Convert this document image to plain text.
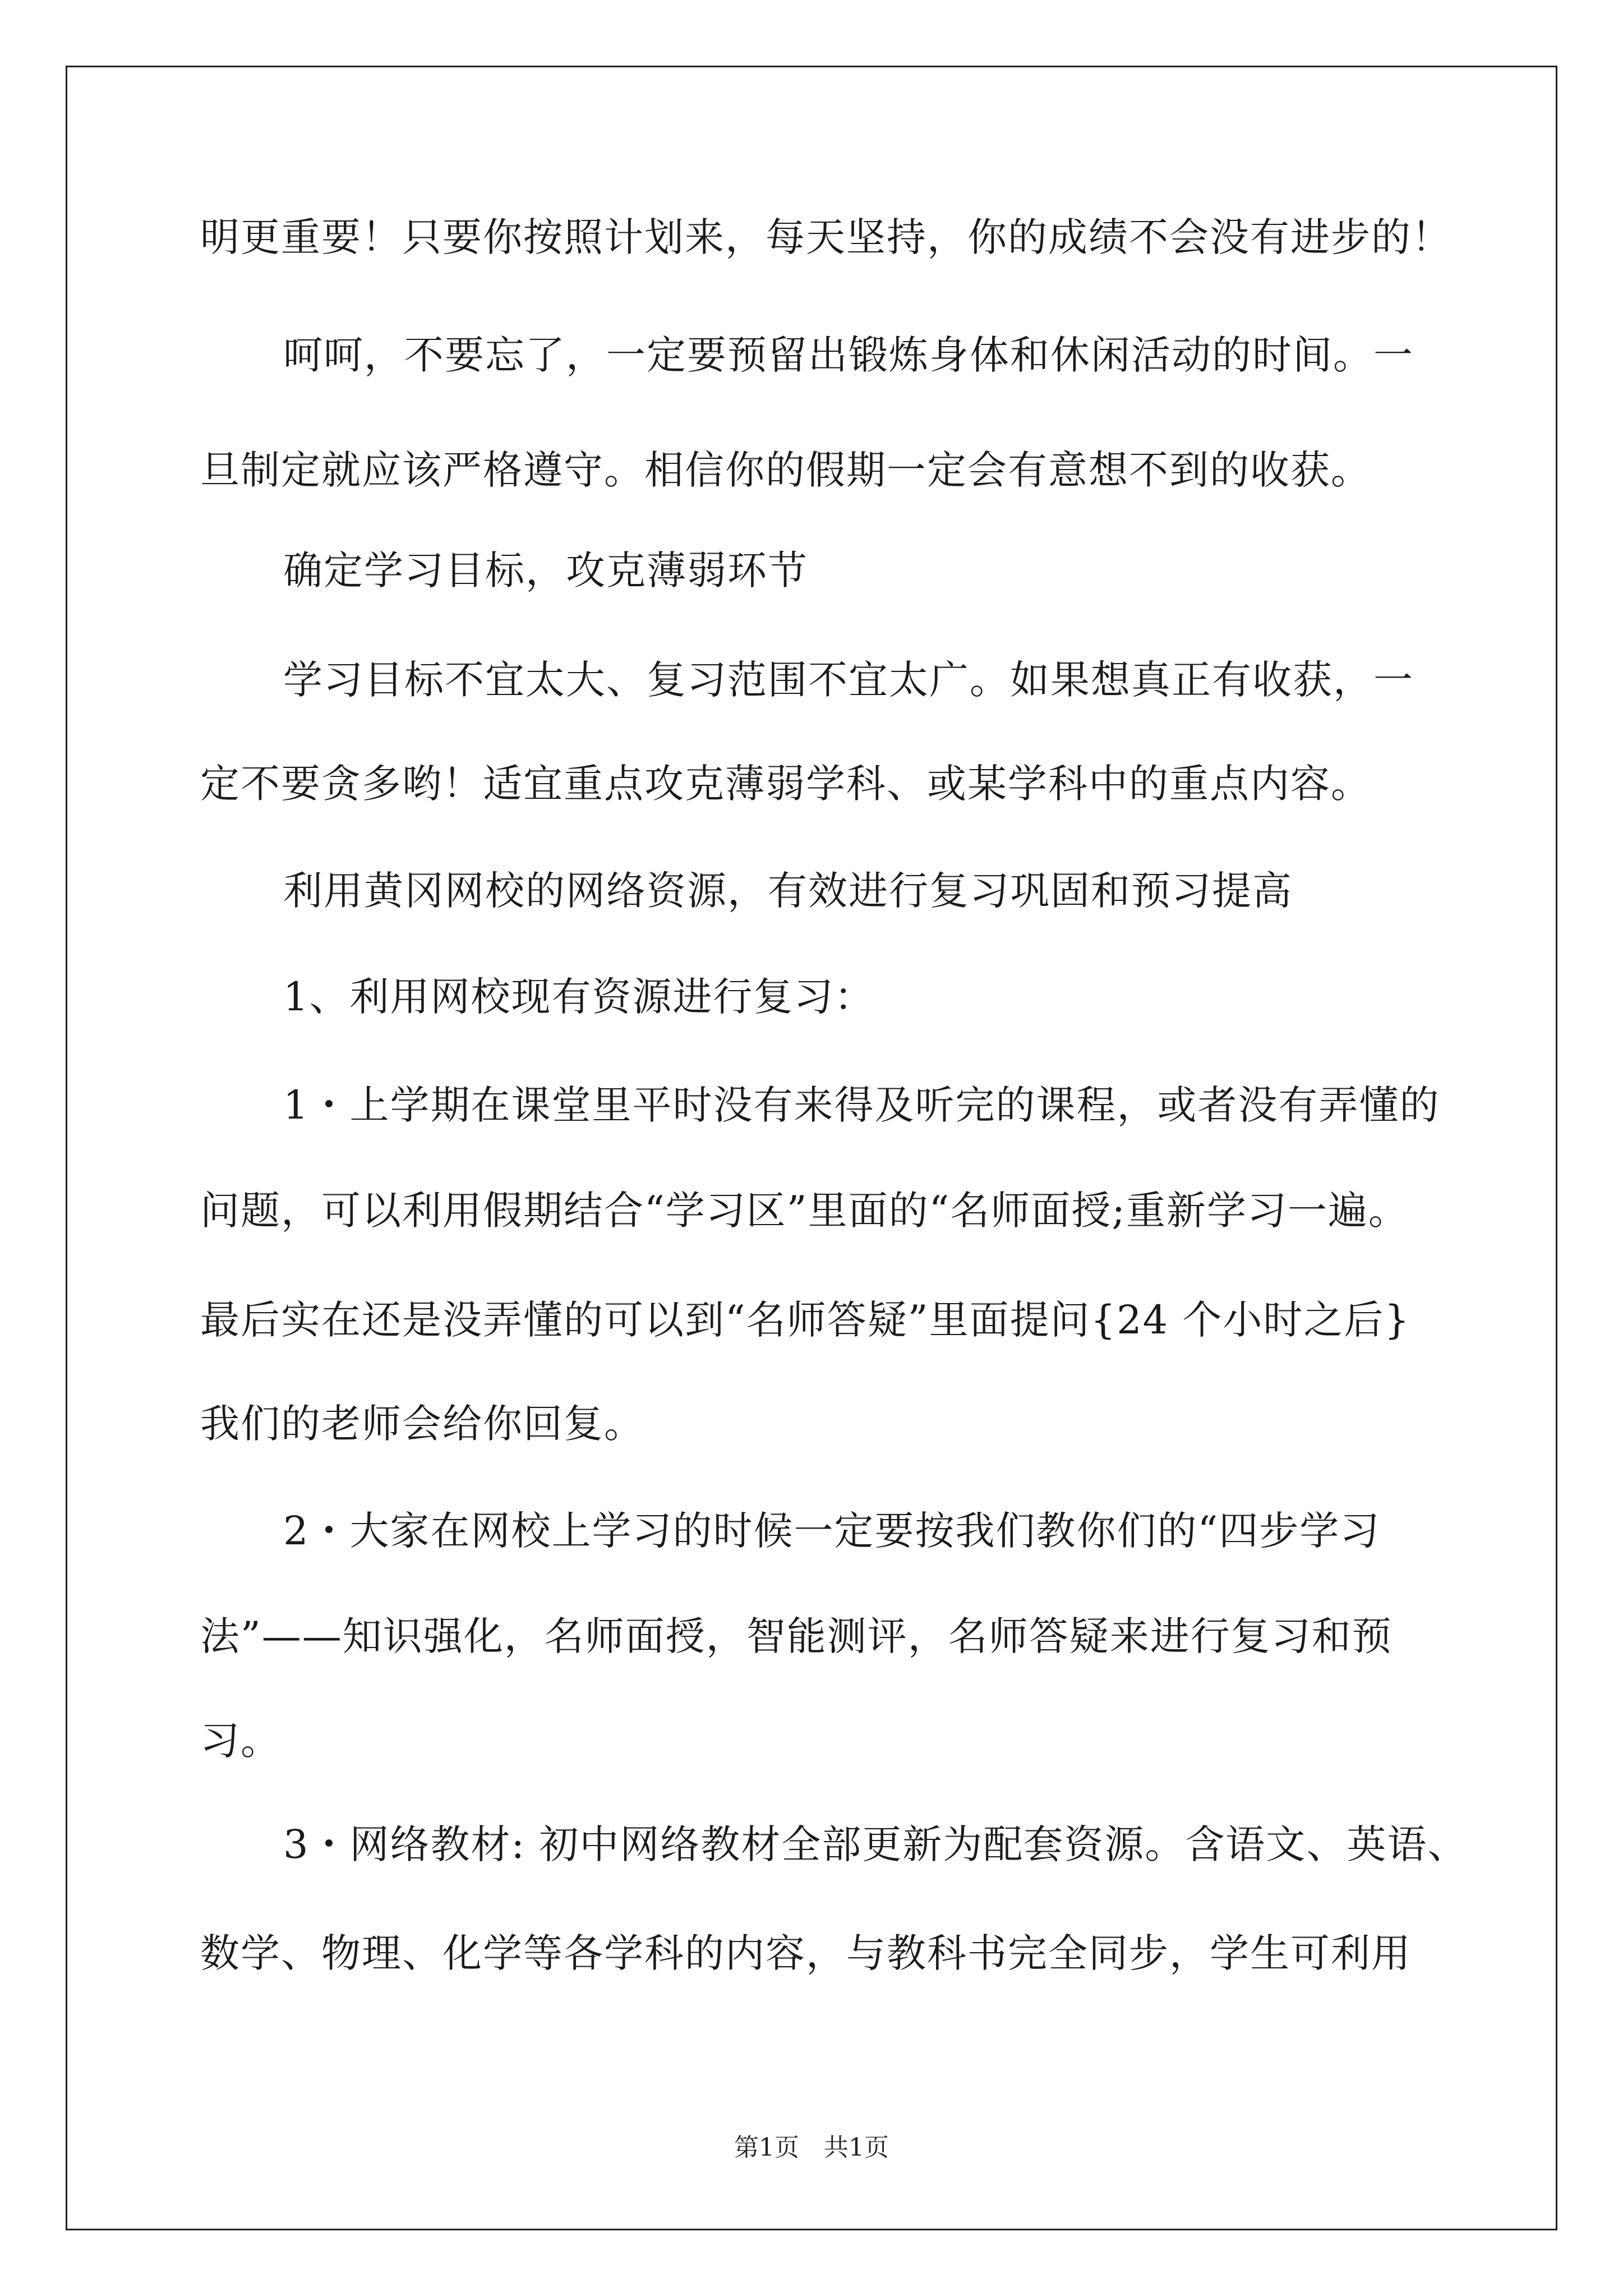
明更重要！只要你按照计划来，每天坚持，你的成绩不会没有进步的！
呵呵，不要忘了，一定要预留出锻炼身体和休闲活动的时间。一
旦制定就应该严格遵守。相信你的假期一定会有意想不到的收获。
确定学习目标，攻克薄弱环节
学习目标不宜太大、复习范围不宜太广。如果想真正有收获，一
定不要贪多哟！适宜重点攻克薄弱学科、或某学科中的重点内容。
利用黄冈网校的网络资源，有效进行复习巩固和预习提高
1、利用网校现有资源进行复习：
1・上学期在课堂里平时没有来得及听完的课程，或者没有弄懂的
问题，可以利用假期结合“学习区”里面的“名师面授;重新学习一遍。
最后实在还是没弄懂的可以到“名师答疑”里面提问{24 个小时之后}
我们的老师会给你回复。
2・大家在网校上学习的时候一定要按我们教你们的“四步学习
法”——知识强化，名师面授，智能测评，名师答疑来进行复习和预
习。
3・网络教材: 初中网络教材全部更新为配套资源。含语文、英语、
数学、物理、化学等各学科的内容，与教科书完全同步，学生可利用
第1页　共1页
